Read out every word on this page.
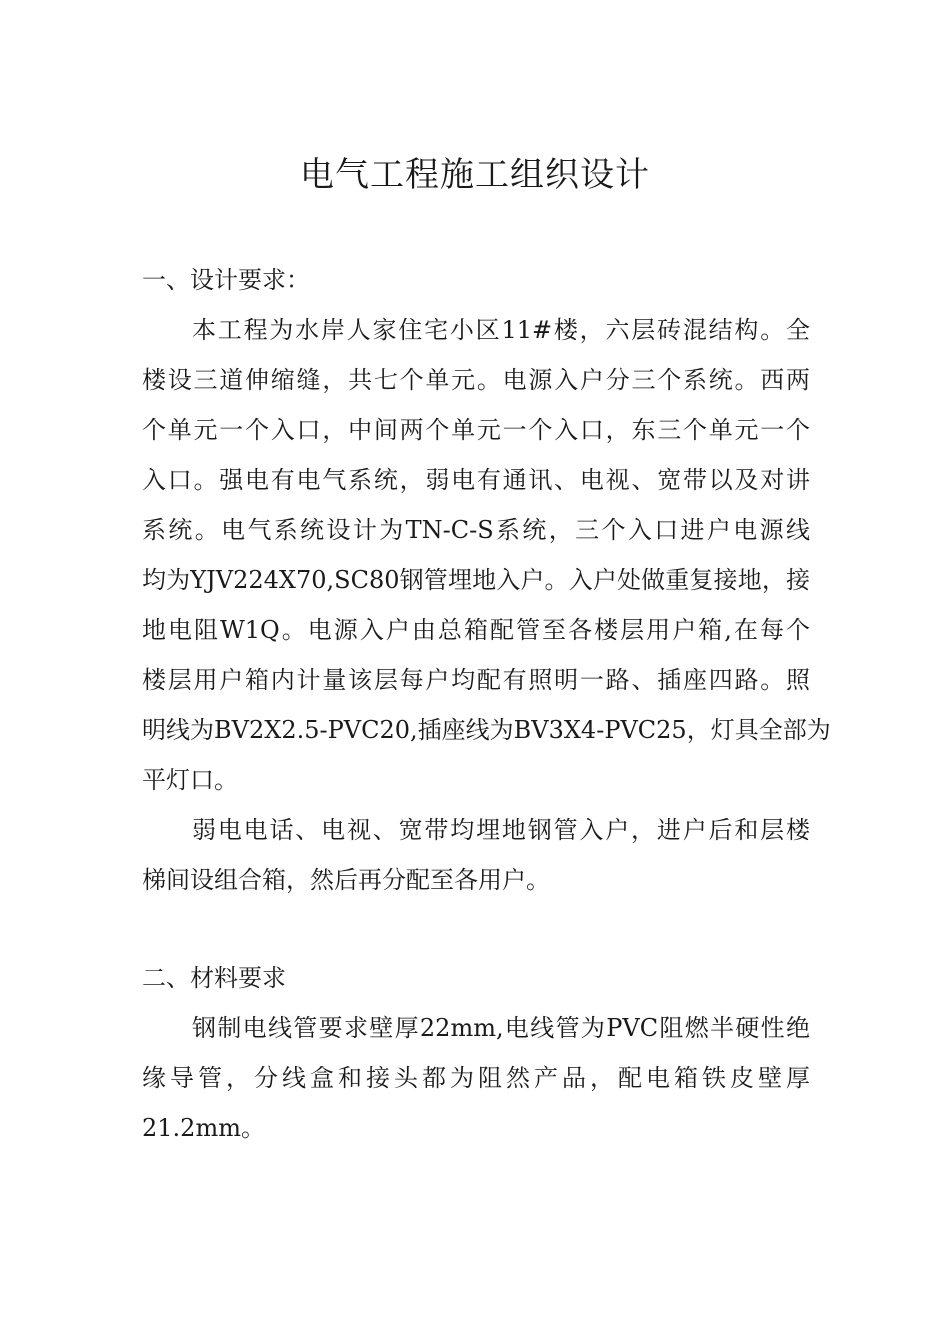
电气工程施工组织设计
一、设计要求：
本工程为水岸人家住宅小区11#楼，六层砖混结构。全
楼设三道伸缩缝，共七个单元。电源入户分三个系统。西两
个单元一个入口，中间两个单元一个入口，东三个单元一个
入口。强电有电气系统，弱电有通讯、电视、宽带以及对讲
系统。电气系统设计为TN-C-S系统，三个入口进户电源线
均为YJV224X70,SC80钢管埋地入户。入户处做重复接地，接
地电阻W1Q。电源入户由总箱配管至各楼层用户箱,在每个
楼层用户箱内计量该层每户均配有照明一路、插座四路。照
明线为BV2X2.5-PVC20,插座线为BV3X4-PVC25，灯具全部为
平灯口。
弱电电话、电视、宽带均埋地钢管入户，进户后和层楼
梯间设组合箱，然后再分配至各用户。
二、材料要求
钢制电线管要求壁厚22mm,电线管为PVC阻燃半硬性绝
缘导管，分线盒和接头都为阻然产品，配电箱铁皮壁厚
21.2mm。
